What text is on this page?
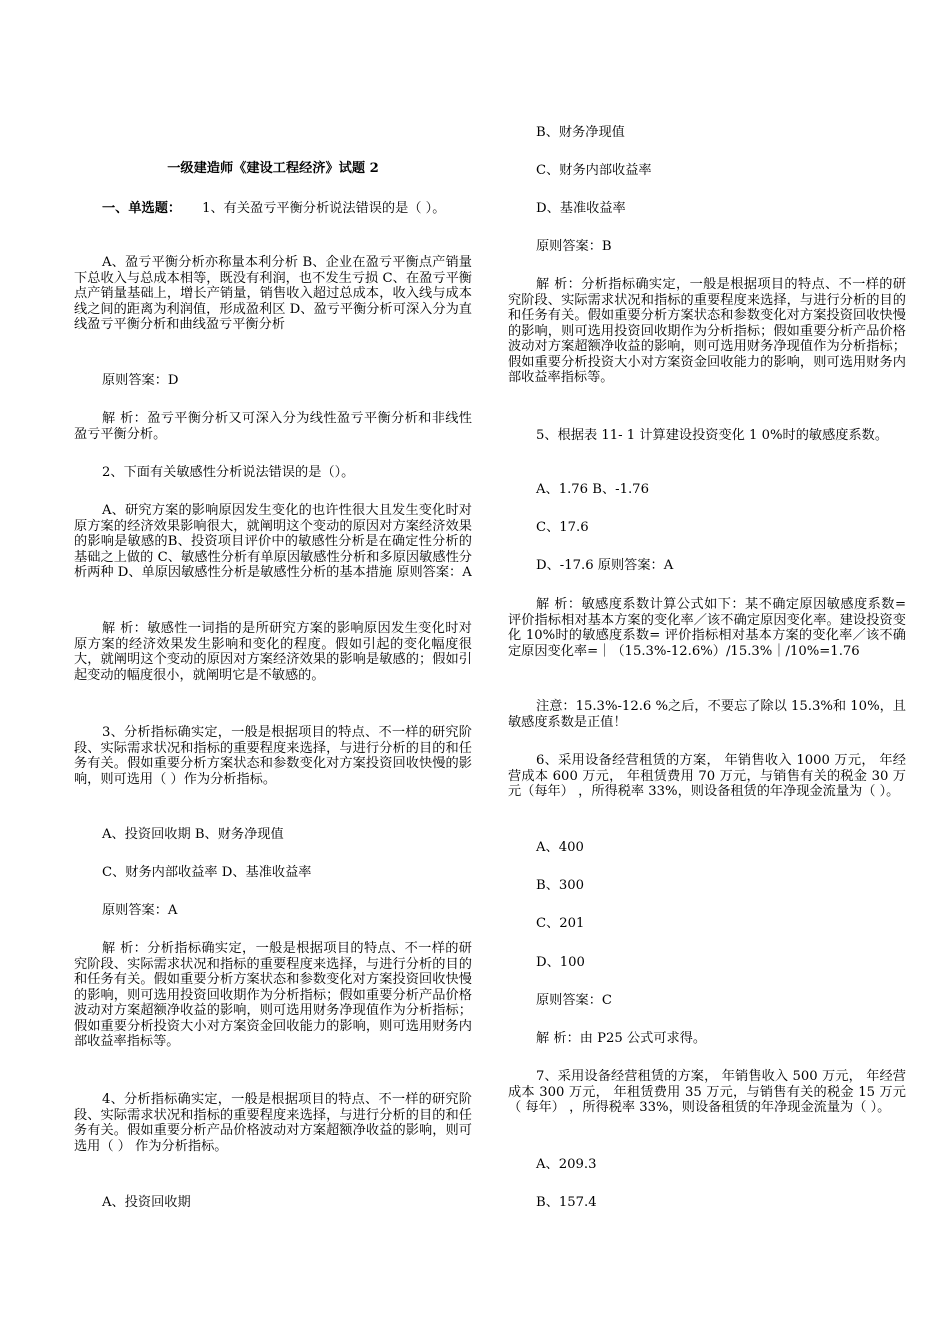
一级建造师《建设工程经济》试题 2

一、单选题： 1、有关盈亏平衡分析说法错误的是（ ）。

A、盈亏平衡分析亦称量本利分析 B、企业在盈亏平衡点产销量下总收入与总成本相等，既没有利润，也不发生亏损 C、在盈亏平衡点产销量基础上，增长产销量，销售收入超过总成本，收入线与成本线之间的距离为利润值，形成盈利区 D、盈亏平衡分析可深入分为直线盈亏平衡分析和曲线盈亏平衡分析

原则答案：D

解 析：盈亏平衡分析又可深入分为线性盈亏平衡分析和非线性盈亏平衡分析。

2、下面有关敏感性分析说法错误的是（）。

A、研究方案的影响原因发生变化的也许性很大且发生变化时对原方案的经济效果影响很大，就阐明这个变动的原因对方案经济效果的影响是敏感的B、投资项目评价中的敏感性分析是在确定性分析的基础之上做的 C、敏感性分析有单原因敏感性分析和多原因敏感性分析两种 D、单原因敏感性分析是敏感性分析的基本措施 原则答案：A

解 析：敏感性一词指的是所研究方案的影响原因发生变化时对原方案的经济效果发生影响和变化的程度。假如引起的变化幅度很大，就阐明这个变动的原因对方案经济效果的影响是敏感的；假如引起变动的幅度很小，就阐明它是不敏感的。

3、分析指标确实定，一般是根据项目的特点、不一样的研究阶段、实际需求状况和指标的重要程度来选择，与进行分析的目的和任务有关。假如重要分析方案状态和参数变化对方案投资回收快慢的影响，则可选用（ ）作为分析指标。

A、投资回收期 B、财务净现值

C、财务内部收益率 D、基准收益率

原则答案：A

解 析：分析指标确实定，一般是根据项目的特点、不一样的研究阶段、实际需求状况和指标的重要程度来选择，与进行分析的目的和任务有关。假如重要分析方案状态和参数变化对方案投资回收快慢的影响，则可选用投资回收期作为分析指标；假如重要分析产品价格波动对方案超额净收益的影响，则可选用财务净现值作为分析指标；假如重要分析投资大小对方案资金回收能力的影响，则可选用财务内部收益率指标等。

4、分析指标确实定，一般是根据项目的特点、不一样的研究阶段、实际需求状况和指标的重要程度来选择，与进行分析的目的和任务有关。假如重要分析产品价格波动对方案超额净收益的影响，则可选用（ ） 作为分析指标。

A、投资回收期

B、财务净现值

C、财务内部收益率

D、基准收益率

原则答案：B

解 析：分析指标确实定，一般是根据项目的特点、不一样的研究阶段、实际需求状况和指标的重要程度来选择，与进行分析的目的和任务有关。假如重要分析方案状态和参数变化对方案投资回收快慢的影响，则可选用投资回收期作为分析指标；假如重要分析产品价格波动对方案超额净收益的影响，则可选用财务净现值作为分析指标；假如重要分析投资大小对方案资金回收能力的影响，则可选用财务内部收益率指标等。

5、根据表 11- 1 计算建设投资变化 1 0%时的敏感度系数。

A、1.76 B、-1.76

C、17.6

D、-17.6 原则答案：A

解 析：敏感度系数计算公式如下：某不确定原因敏感度系数=评价指标相对基本方案的变化率／该不确定原因变化率。建设投资变化 10%时的敏感度系数= 评价指标相对基本方案的变化率／该不确定原因变化率=｜（15.3%-12.6%）/15.3%｜/10%=1.76

注意：15.3%-12.6 %之后，不要忘了除以 15.3%和 10%，且敏感度系数是正值！

6、采用设备经营租赁的方案， 年销售收入 1000 万元， 年经营成本 600 万元， 年租赁费用 70 万元，与销售有关的税金 30 万元（每年） ，所得税率 33%，则设备租赁的年净现金流量为（ ）。

A、400

B、300

C、201

D、100

原则答案：C

解 析：由 P25 公式可求得。

7、采用设备经营租赁的方案， 年销售收入 500 万元， 年经营成本 300 万元， 年租赁费用 35 万元，与销售有关的税金 15 万元（ 每年） ，所得税率 33%，则设备租赁的年净现金流量为（ ）。

A、209.3

B、157.4
